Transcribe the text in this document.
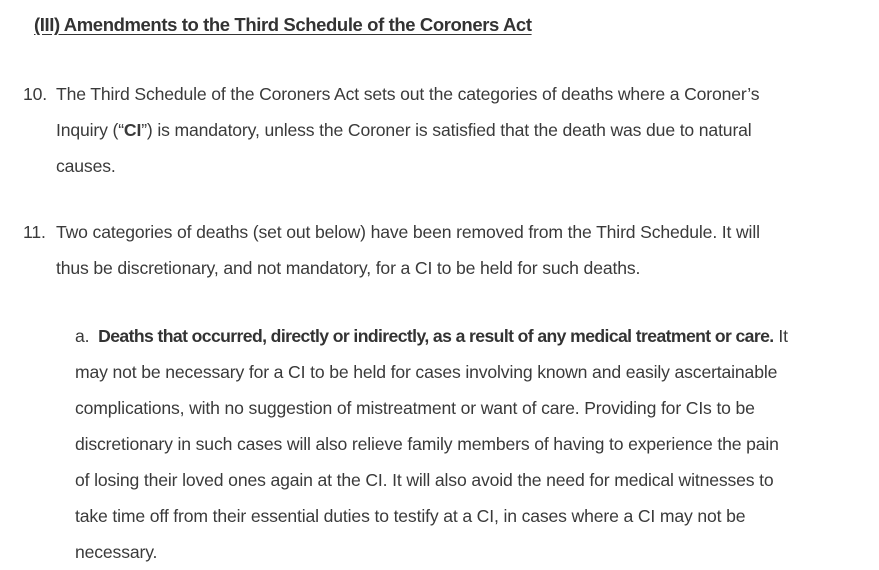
(III) Amendments to the Third Schedule of the Coroners Act
10. The Third Schedule of the Coroners Act sets out the categories of deaths where a Coroner’s
Inquiry (“CI”) is mandatory, unless the Coroner is satisfied that the death was due to natural
causes.
11. Two categories of deaths (set out below) have been removed from the Third Schedule. It will
thus be discretionary, and not mandatory, for a CI to be held for such deaths.
a. Deaths that occurred, directly or indirectly, as a result of any medical treatment or care. It
may not be necessary for a CI to be held for cases involving known and easily ascertainable
complications, with no suggestion of mistreatment or want of care. Providing for CIs to be
discretionary in such cases will also relieve family members of having to experience the pain
of losing their loved ones again at the CI. It will also avoid the need for medical witnesses to
take time off from their essential duties to testify at a CI, in cases where a CI may not be
necessary.
